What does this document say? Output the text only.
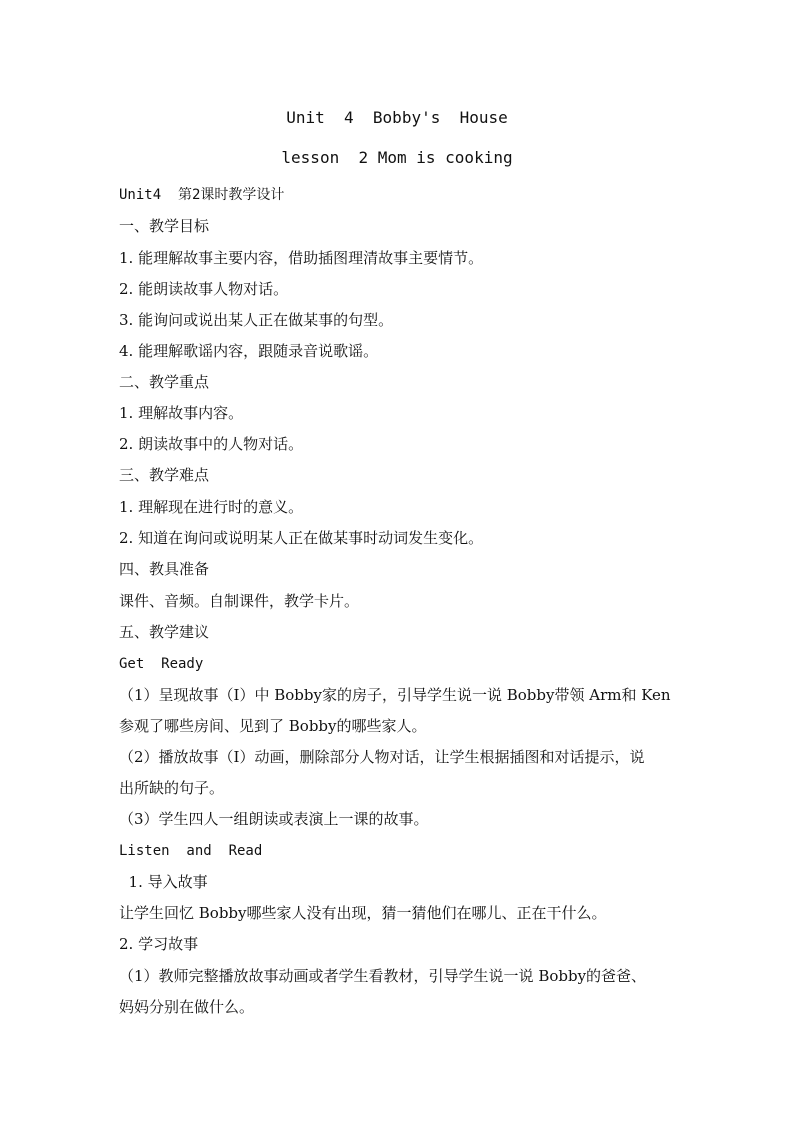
Unit  4  Bobby's  House
lesson  2 Mom is cooking
Unit4  第2课时教学设计
一、教学目标
1. 能理解故事主要内容，借助插图理清故事主要情节。
2. 能朗读故事人物对话。
3. 能询问或说出某人正在做某事的句型。
4. 能理解歌谣内容，跟随录音说歌谣。
二、教学重点
1. 理解故事内容。
2. 朗读故事中的人物对话。
三、教学难点
1. 理解现在进行时的意义。
2. 知道在询问或说明某人正在做某事时动词发生变化。
四、教具准备
课件、音频。自制课件，教学卡片。
五、教学建议
Get  Ready
（1）呈现故事（I）中 Bobby家的房子，引导学生说一说 Bobby带领 Arm和 Ken
参观了哪些房间、见到了 Bobby的哪些家人。
（2）播放故事（I）动画，删除部分人物对话，让学生根据插图和对话提示，说
出所缺的句子。
（3）学生四人一组朗读或表演上一课的故事。
Listen  and  Read
1. 导入故事
让学生回忆 Bobby哪些家人没有出现，猜一猜他们在哪儿、正在干什么。
2. 学习故事
（1）教师完整播放故事动画或者学生看教材，引导学生说一说 Bobby的爸爸、
妈妈分别在做什么。
